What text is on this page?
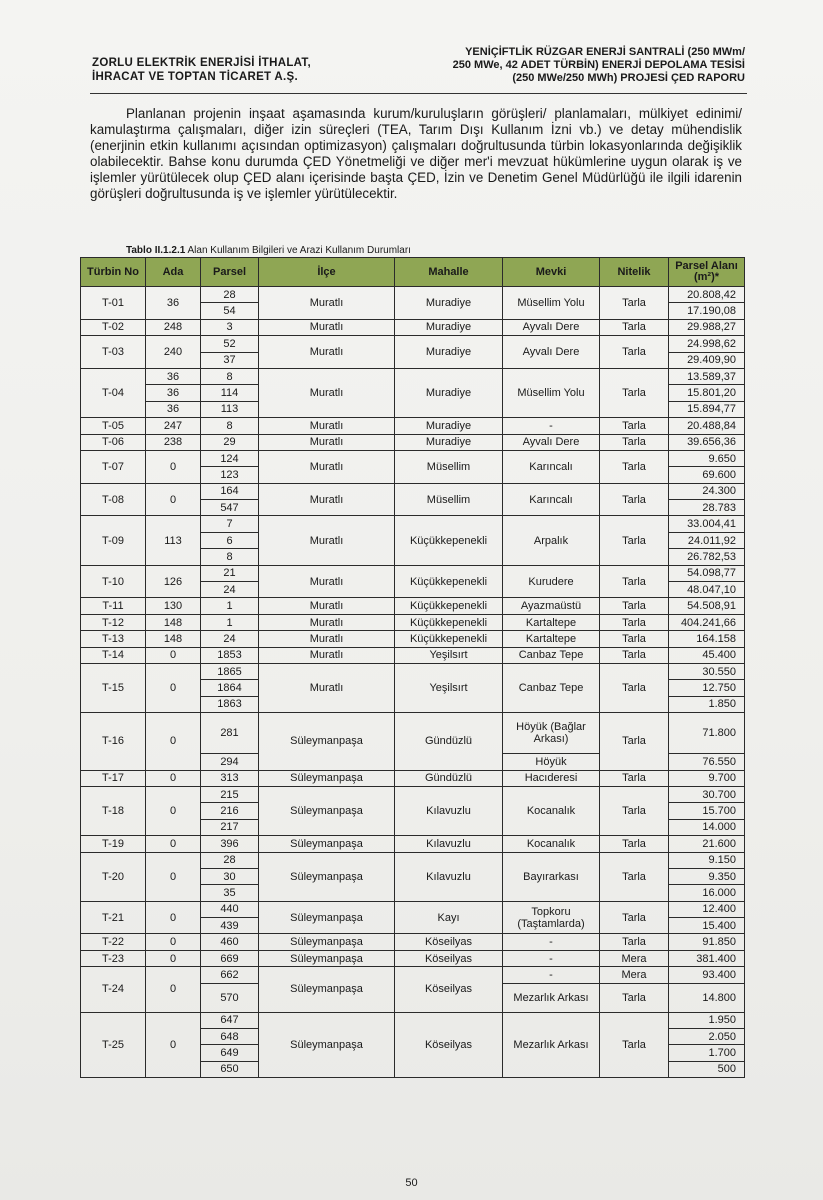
ZORLU ELEKTRİK ENERJİSİ İTHALAT,
İHRACAT VE TOPTAN TİCARET A.Ş.
YENİÇİFTLİK RÜZGAR ENERJİ SANTRALİ (250 MWm/
250 MWe, 42 ADET TÜRBİN) ENERJİ DEPOLAMA TESİSİ
(250 MWe/250 MWh) PROJESİ ÇED RAPORU

Planlanan projenin inşaat aşamasında kurum/kuruluşların görüşleri/ planlamaları, mülkiyet edinimi/ kamulaştırma çalışmaları, diğer izin süreçleri (TEA, Tarım Dışı Kullanım İzni vb.) ve detay mühendislik (enerjinin etkin kullanımı açısından optimizasyon) çalışmaları doğrultusunda türbin lokasyonlarında değişiklik olabilecektir. Bahse konu durumda ÇED Yönetmeliği ve diğer mer'i mevzuat hükümlerine uygun olarak iş ve işlemler yürütülecek olup ÇED alanı içerisinde başta ÇED, İzin ve Denetim Genel Müdürlüğü ile ilgili idarenin görüşleri doğrultusunda iş ve işlemler yürütülecektir.

Tablo II.1.2.1 Alan Kullanım Bilgileri ve Arazi Kullanım Durumları
Türbin No	Ada	Parsel	İlçe	Mahalle	Mevki	Nitelik	Parsel Alanı (m²)*
T-01	36	28	Muratlı	Muradiye	Müsellim Yolu	Tarla	20.808,42
		54					17.190,08
T-02	248	3	Muratlı	Muradiye	Ayvalı Dere	Tarla	29.988,27
T-03	240	52	Muratlı	Muradiye	Ayvalı Dere	Tarla	24.998,62
		37					29.409,90
T-04	36	8	Muratlı	Muradiye	Müsellim Yolu	Tarla	13.589,37
	36	114					15.801,20
	36	113					15.894,77
T-05	247	8	Muratlı	Muradiye	-	Tarla	20.488,84
T-06	238	29	Muratlı	Muradiye	Ayvalı Dere	Tarla	39.656,36
T-07	0	124	Muratlı	Müsellim	Karıncalı	Tarla	9.650
		123					69.600
T-08	0	164	Muratlı	Müsellim	Karıncalı	Tarla	24.300
		547					28.783
T-09	113	7	Muratlı	Küçükkepenekli	Arpalık	Tarla	33.004,41
		6					24.011,92
		8					26.782,53
T-10	126	21	Muratlı	Küçükkepenekli	Kurudere	Tarla	54.098,77
		24					48.047,10
T-11	130	1	Muratlı	Küçükkepenekli	Ayazmaüstü	Tarla	54.508,91
T-12	148	1	Muratlı	Küçükkepenekli	Kartaltepe	Tarla	404.241,66
T-13	148	24	Muratlı	Küçükkepenekli	Kartaltepe	Tarla	164.158
T-14	0	1853	Muratlı	Yeşilsırt	Canbaz Tepe	Tarla	45.400
T-15	0	1865	Muratlı	Yeşilsırt	Canbaz Tepe	Tarla	30.550
		1864					12.750
		1863					1.850
T-16	0	281	Süleymanpaşa	Gündüzlü	Höyük (Bağlar Arkası)	Tarla	71.800
		294			Höyük		76.550
T-17	0	313	Süleymanpaşa	Gündüzlü	Hacıderesi	Tarla	9.700
T-18	0	215	Süleymanpaşa	Kılavuzlu	Kocanalık	Tarla	30.700
		216					15.700
		217					14.000
T-19	0	396	Süleymanpaşa	Kılavuzlu	Kocanalık	Tarla	21.600
T-20	0	28	Süleymanpaşa	Kılavuzlu	Bayırarkası	Tarla	9.150
		30					9.350
		35					16.000
T-21	0	440	Süleymanpaşa	Kayı	Topkoru (Taştamlarda)	Tarla	12.400
		439					15.400
T-22	0	460	Süleymanpaşa	Köseilyas	-	Tarla	91.850
T-23	0	669	Süleymanpaşa	Köseilyas	-	Mera	381.400
T-24	0	662	Süleymanpaşa	Köseilyas	-	Mera	93.400
		570			Mezarlık Arkası	Tarla	14.800
T-25	0	647	Süleymanpaşa	Köseilyas	Mezarlık Arkası	Tarla	1.950
		648					2.050
		649					1.700
		650					500
50
